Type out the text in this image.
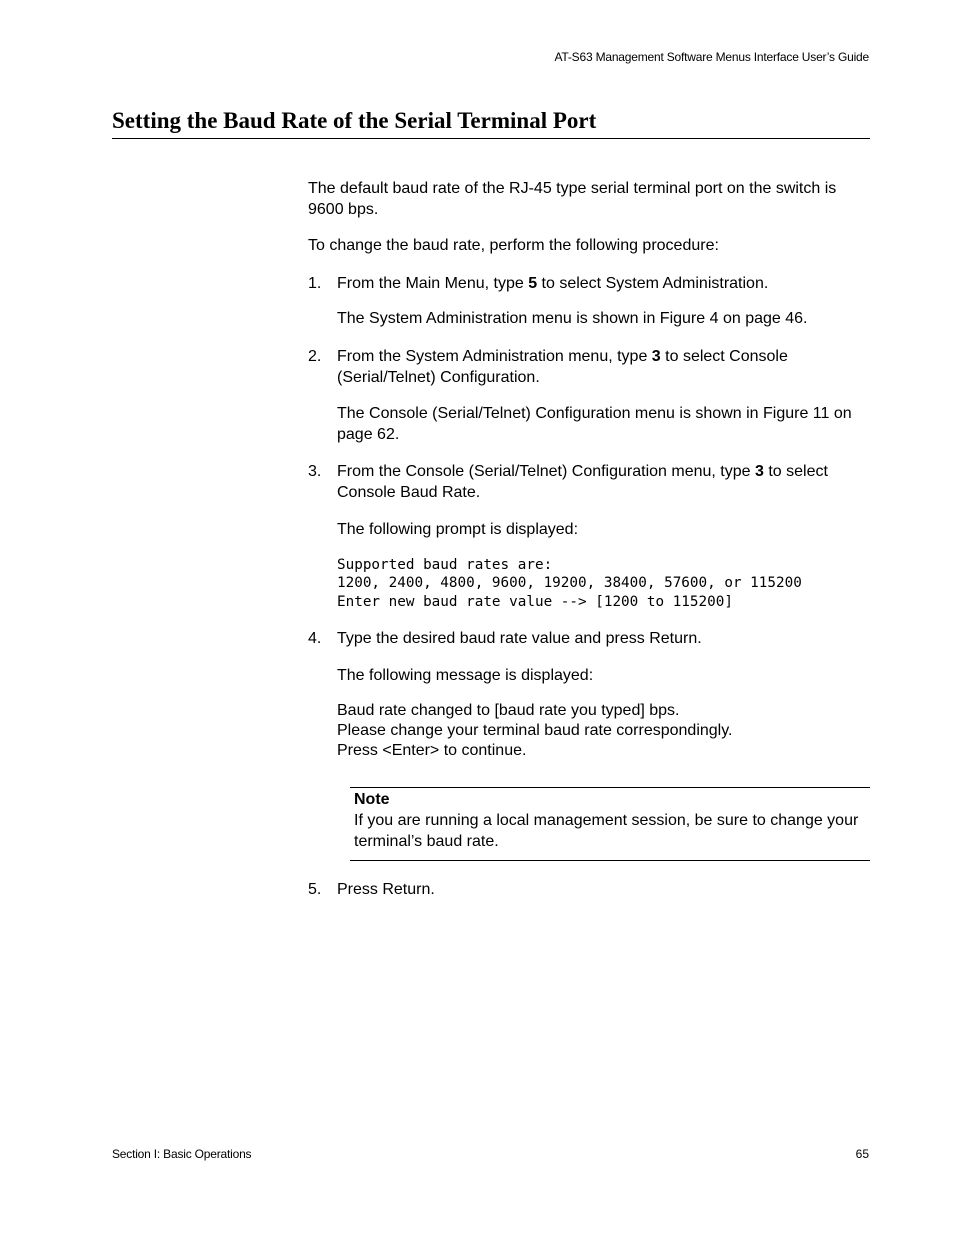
AT-S63 Management Software Menus Interface User’s Guide
Setting the Baud Rate of the Serial Terminal Port

The default baud rate of the RJ-45 type serial terminal port on the switch is 9600 bps.

To change the baud rate, perform the following procedure:

1. From the Main Menu, type 5 to select System Administration.

The System Administration menu is shown in Figure 4 on page 46.

2. From the System Administration menu, type 3 to select Console (Serial/Telnet) Configuration.

The Console (Serial/Telnet) Configuration menu is shown in Figure 11 on page 62.

3. From the Console (Serial/Telnet) Configuration menu, type 3 to select Console Baud Rate.

The following prompt is displayed:

Supported baud rates are:
1200, 2400, 4800, 9600, 19200, 38400, 57600, or 115200
Enter new baud rate value --> [1200 to 115200]
4. Type the desired baud rate value and press Return.

The following message is displayed:

Baud rate changed to [baud rate you typed] bps.
Please change your terminal baud rate correspondingly.
Press <Enter> to continue.
Note
If you are running a local management session, be sure to change your terminal’s baud rate.
5. Press Return.

Section I: Basic Operations	65
